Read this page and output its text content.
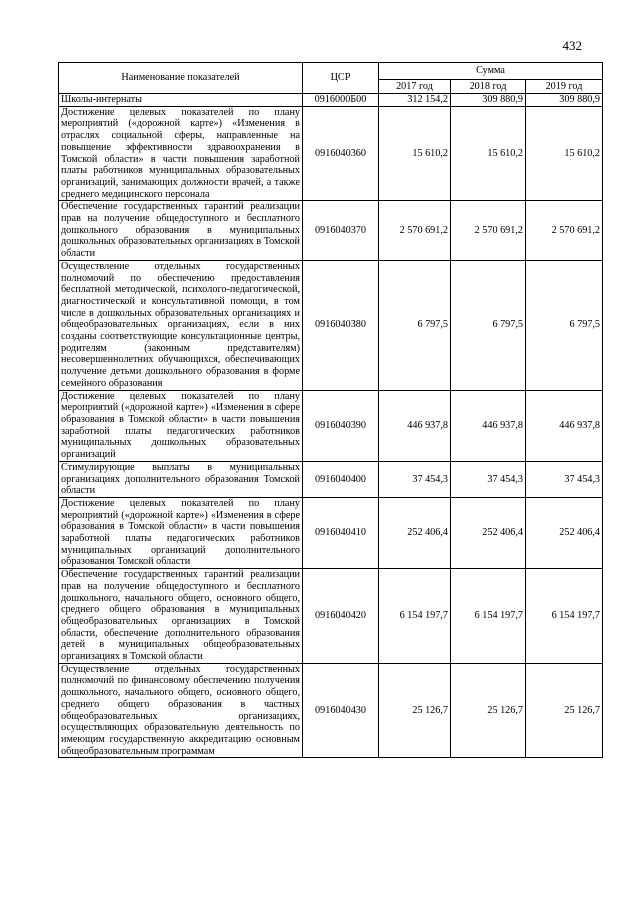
432
Наименование показателей	ЦСР	Сумма		
		2017 год	2018 год	2019 год
Школы-интернаты	0916000Б00	312 154,2	309 880,9	309 880,9
Достижение целевых показателей по плану мероприятий («дорожной карте») «Изменения в отраслях социальной сферы, направленные на повышение эффективности здравоохранения в Томской области» в части повышения заработной платы работников муниципальных образовательных организаций, занимающих должности врачей, а также среднего медицинского персонала	0916040360	15 610,2	15 610,2	15 610,2
Обеспечение государственных гарантий реализации прав на получение общедоступного и бесплатного дошкольного образования в муниципальных дошкольных образовательных организациях в Томской области	0916040370	2 570 691,2	2 570 691,2	2 570 691,2
Осуществление отдельных государственных полномочий по обеспечению предоставления бесплатной методической, психолого-педагогической, диагностической и консультативной помощи, в том числе в дошкольных образовательных организациях и общеобразовательных организациях, если в них созданы соответствующие консультационные центры, родителям (законным представителям) несовершеннолетних обучающихся, обеспечивающих получение детьми дошкольного образования в форме семейного образования	0916040380	6 797,5	6 797,5	6 797,5
Достижение целевых показателей по плану мероприятий («дорожной карте») «Изменения в сфере образования в Томской области» в части повышения заработной платы педагогических работников муниципальных дошкольных образовательных организаций	0916040390	446 937,8	446 937,8	446 937,8
Стимулирующие выплаты в муниципальных организациях дополнительного образования Томской области	0916040400	37 454,3	37 454,3	37 454,3
Достижение целевых показателей по плану мероприятий («дорожной карте») «Изменения в сфере образования в Томской области» в части повышения заработной платы педагогических работников муниципальных организаций дополнительного образования Томской области	0916040410	252 406,4	252 406,4	252 406,4
Обеспечение государственных гарантий реализации прав на получение общедоступного и бесплатного дошкольного, начального общего, основного общего, среднего общего образования в муниципальных общеобразовательных организациях в Томской области, обеспечение дополнительного образования детей в муниципальных общеобразовательных организациях в Томской области	0916040420	6 154 197,7	6 154 197,7	6 154 197,7
Осуществление отдельных государственных полномочий по финансовому обеспечению получения дошкольного, начального общего, основного общего, среднего общего образования в частных общеобразовательных организациях, осуществляющих образовательную деятельность по имеющим государственную аккредитацию основным общеобразовательным программам	0916040430	25 126,7	25 126,7	25 126,7
